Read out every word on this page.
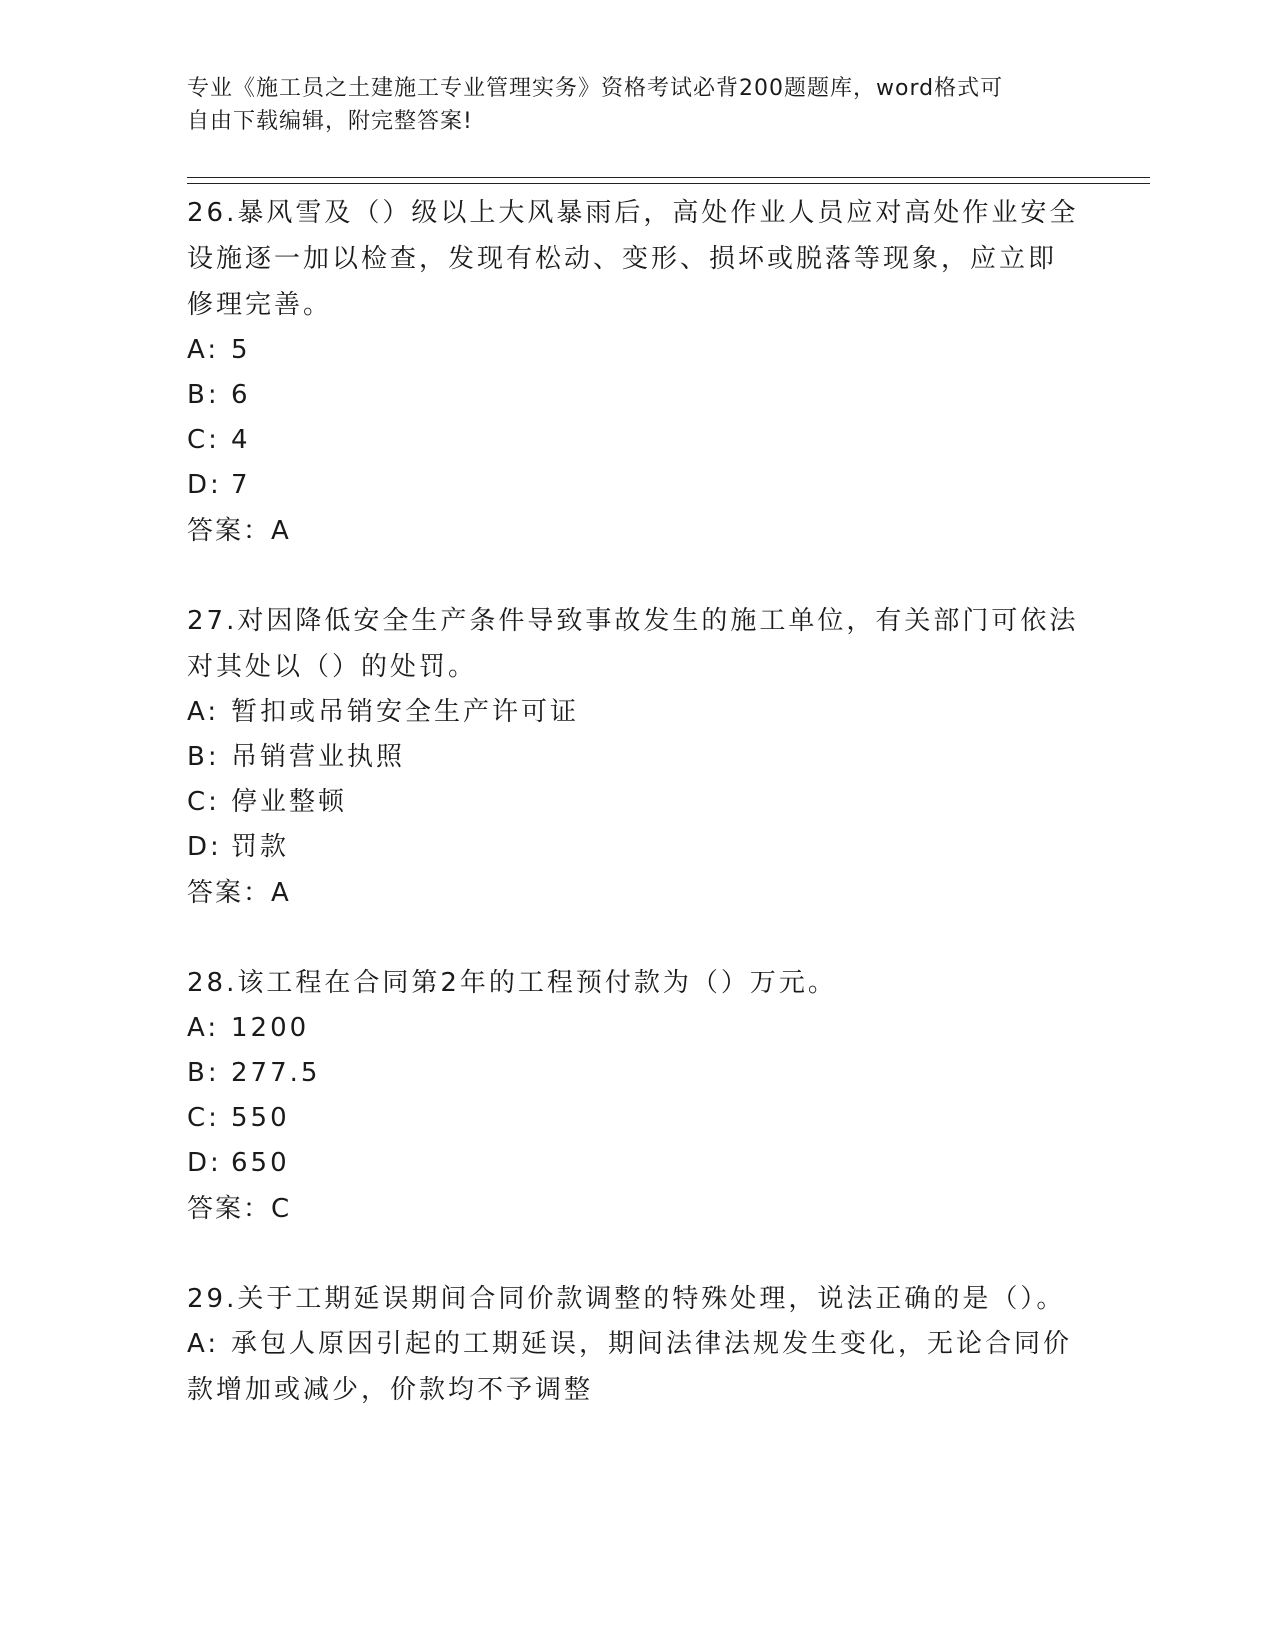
专业《施工员之土建施工专业管理实务》资格考试必背200题题库，word格式可
自由下载编辑，附完整答案!

26.暴风雪及（）级以上大风暴雨后，高处作业人员应对高处作业安全

设施逐一加以检查，发现有松动、变形、损坏或脱落等现象，应立即

修理完善。

A: 5

B: 6

C: 4

D: 7

答案：A

27.对因降低安全生产条件导致事故发生的施工单位，有关部门可依法

对其处以（）的处罚。

A: 暂扣或吊销安全生产许可证

B: 吊销营业执照

C: 停业整顿

D: 罚款

答案：A

28.该工程在合同第2年的工程预付款为（）万元。

A: 1200

B: 277.5

C: 550

D: 650

答案：C

29.关于工期延误期间合同价款调整的特殊处理，说法正确的是（）。

A: 承包人原因引起的工期延误，期间法律法规发生变化，无论合同价

款增加或减少，价款均不予调整
